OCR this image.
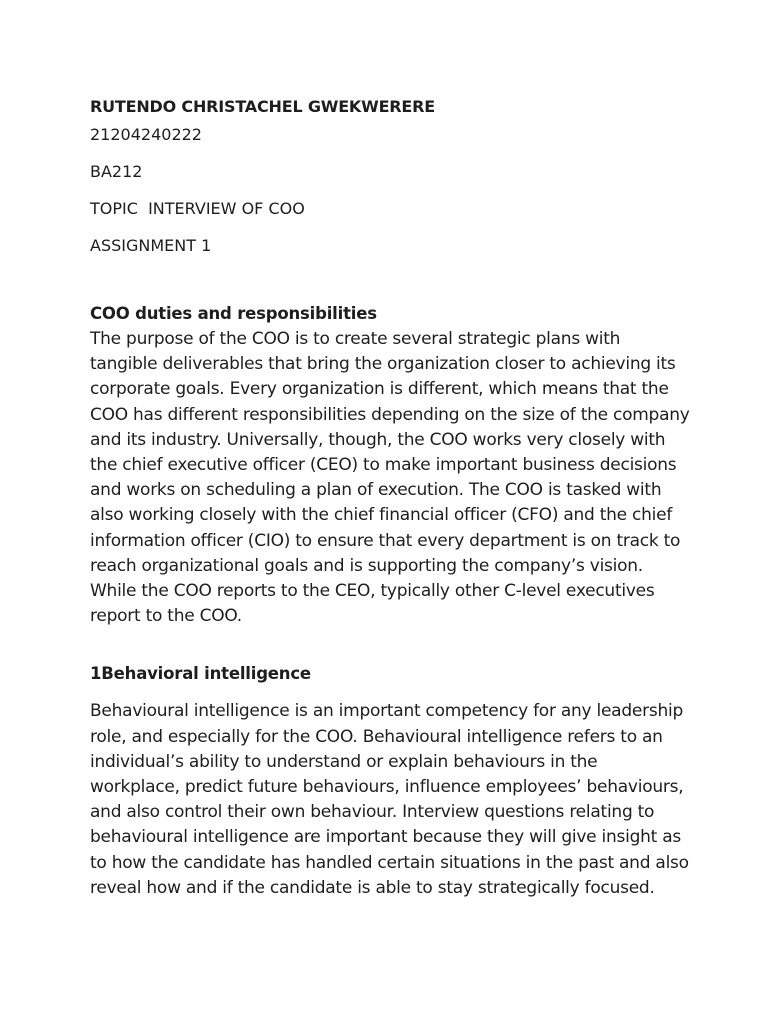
RUTENDO CHRISTACHEL GWEKWERERE

21204240222

BA212

TOPIC  INTERVIEW OF COO

ASSIGNMENT 1

COO duties and responsibilities

The purpose of the COO is to create several strategic plans with tangible deliverables that bring the organization closer to achieving its corporate goals. Every organization is different, which means that the COO has different responsibilities depending on the size of the company and its industry. Universally, though, the COO works very closely with the chief executive officer (CEO) to make important business decisions and works on scheduling a plan of execution. The COO is tasked with also working closely with the chief financial officer (CFO) and the chief information officer (CIO) to ensure that every department is on track to reach organizational goals and is supporting the company’s vision. While the COO reports to the CEO, typically other C-level executives report to the COO.

1Behavioral intelligence

Behavioural intelligence is an important competency for any leadership role, and especially for the COO. Behavioural intelligence refers to an individual’s ability to understand or explain behaviours in the workplace, predict future behaviours, influence employees’ behaviours, and also control their own behaviour. Interview questions relating to behavioural intelligence are important because they will give insight as to how the candidate has handled certain situations in the past and also reveal how and if the candidate is able to stay strategically focused.
